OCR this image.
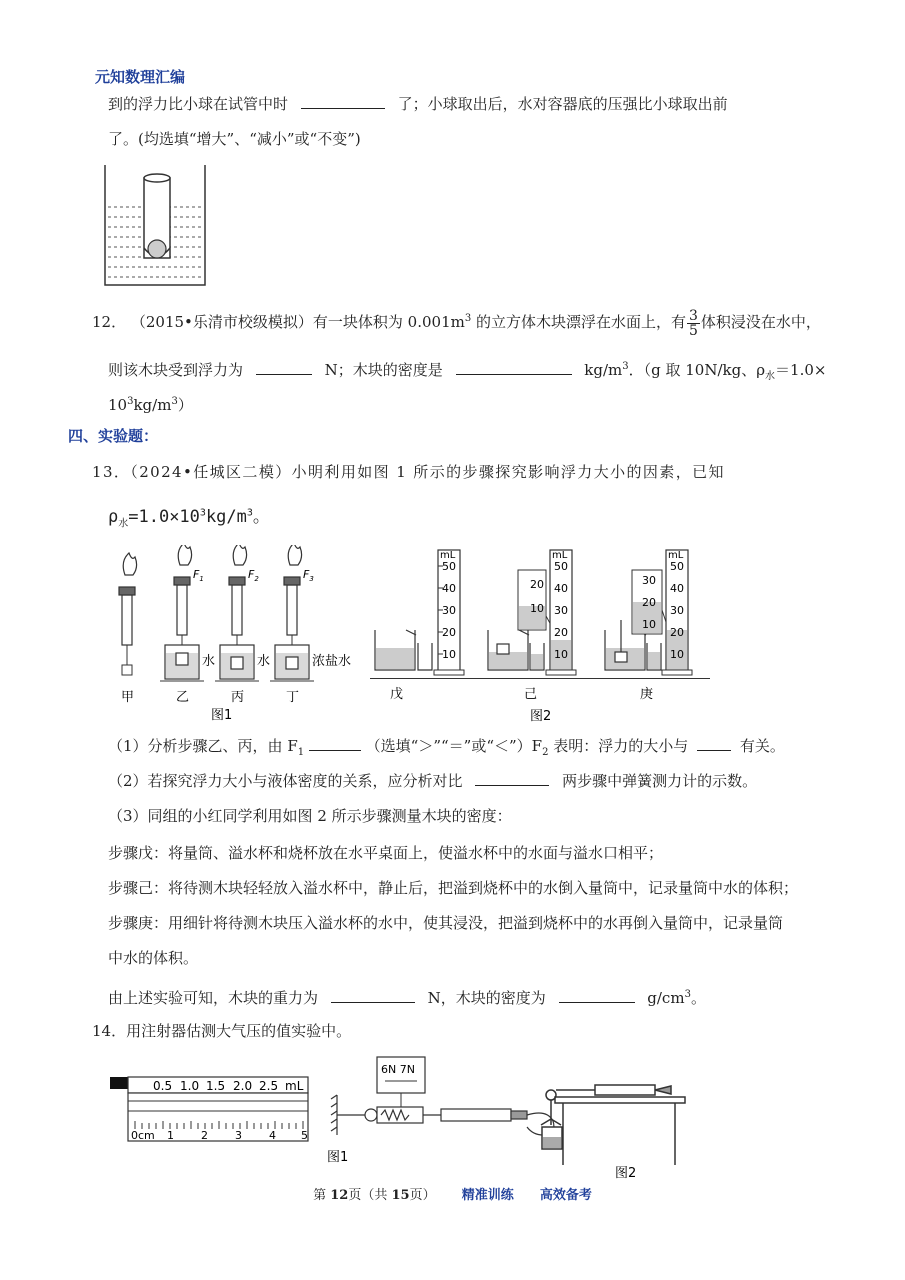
元知数理汇编
到的浮力比小球在试管中时	了；小球取出后，水对容器底的压强比小球取出前
了。(均选填“增大”、“减小”或“不变”)
12． （2015•乐清市校级模拟）有一块体积为 $0.001m^3$ 的立方体木块漂浮在水面上，有 $\frac{3}{5}$ 体积浸没在水中，
则该木块受到浮力为	N；木块的密度是	$kg/m^3$．（g 取 10N/kg、$\rho_水=1.0\times$
$10^3kg/m^3$）
四、实验题：
13．（2024•任城区二模）小明利用如图 1 所示的步骤探究影响浮力大小的因素，已知
$\rho_水=1.0\times 10^3kg/m^3$。
$F_1$	$F_2$	$F_3$
水	水	浓盐水
甲	乙	丙	丁
图1
mL
50
40
30
20
10
戊
20
10
mL
50
40
30
20
10
己
30
20
10
mL
50
40
30
20
10
庚
图2
（1）分析步骤乙、丙，由 $F_1$	（选填“＞”“＝”或“$<”)F_2$ 表明：浮力的大小与	有关。
（2）若探究浮力大小与液体密度的关系，应分析对比	两步骤中弹簧测力计的示数。
（3）同组的小红同学利用如图 2 所示步骤测量木块的密度：
步骤戊：将量筒、溢水杯和烧杯放在水平桌面上，使溢水杯中的水面与溢水口相平；
步骤己：将待测木块轻轻放入溢水杯中，静止后，把溢到烧杯中的水倒入量筒中，记录量筒中水的体积；
步骤庚：用细针将待测木块压入溢水杯的水中，使其浸没，把溢到烧杯中的水再倒入量筒中，记录量筒
中水的体积。
由上述实验可知，木块的重力为	N，木块的密度为	$g/cm^3$。
14．用注射器估测大气压的值实验中。
0.5 1.0 1.5 2.0 2.5 mL
0cm 1 2 3 4 5
6N 7N
图1
图2
第 12页（共 15页） 精准训练 高效备考
